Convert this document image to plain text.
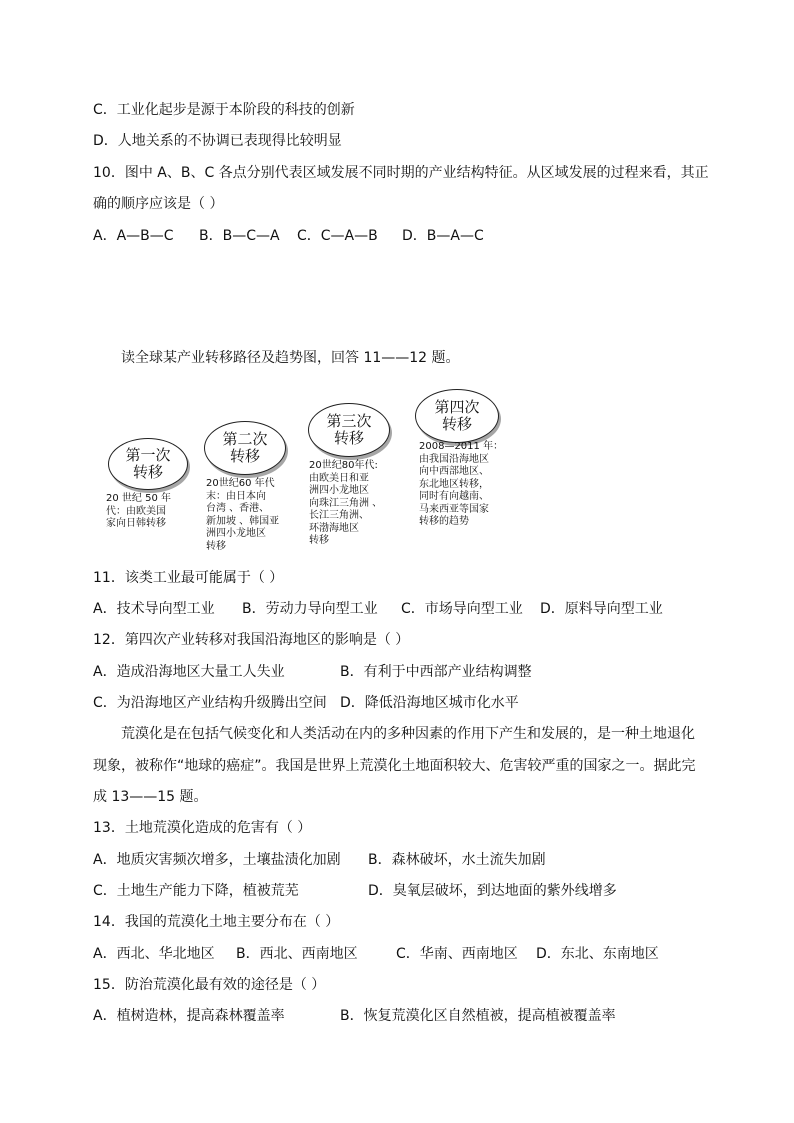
C．工业化起步是源于本阶段的科技的创新
D．人地关系的不协调已表现得比较明显
10．图中 A、B、C 各点分别代表区域发展不同时期的产业结构特征。从区域发展的过程来看，其正
确的顺序应该是（ ）
A．A—B—C B．B—C—A C．C—A—B D．B—A—C
读全球某产业转移路径及趋势图，回答 11——12 题。
第一次
转移
20 世纪 50 年
代：由欧美国
家向日韩转移
第二次
转移
20世纪60 年代
末：由日本向
台湾 、香港、
新加坡 、韩国亚
洲四小龙地区
转移
第三次
转移
20世纪80年代:
由欧美日和亚
洲四小龙地区
向珠江三角洲 、
长江三角洲、
环渤海地区
转移
第四次
转移
2008—2011 年：
由我国沿海地区
向中西部地区、
东北地区转移，
同时有向越南、
马来西亚等国家
转移的趋势
11．该类工业最可能属于（ ）
A．技术导向型工业 B．劳动力导向型工业 C．市场导向型工业 D．原料导向型工业
12．第四次产业转移对我国沿海地区的影响是（ ）
A．造成沿海地区大量工人失业	B．有利于中西部产业结构调整
C．为沿海地区产业结构升级腾出空间 D．降低沿海地区城市化水平
荒漠化是在包括气候变化和人类活动在内的多种因素的作用下产生和发展的，是一种土地退化
现象，被称作“地球的癌症”。我国是世界上荒漠化土地面积较大、危害较严重的国家之一。据此完
成 13——15 题。
13．土地荒漠化造成的危害有（ ）
A．地质灾害频次增多，土壤盐渍化加剧 B．森林破坏，水土流失加剧
C．土地生产能力下降，植被荒芜	D．臭氧层破坏，到达地面的紫外线增多
14．我国的荒漠化土地主要分布在（ ）
A．西北、华北地区 B．西北、西南地区	C．华南、西南地区 D．东北、东南地区
15．防治荒漠化最有效的途径是（ ）
A．植树造林，提高森林覆盖率	B．恢复荒漠化区自然植被，提高植被覆盖率
